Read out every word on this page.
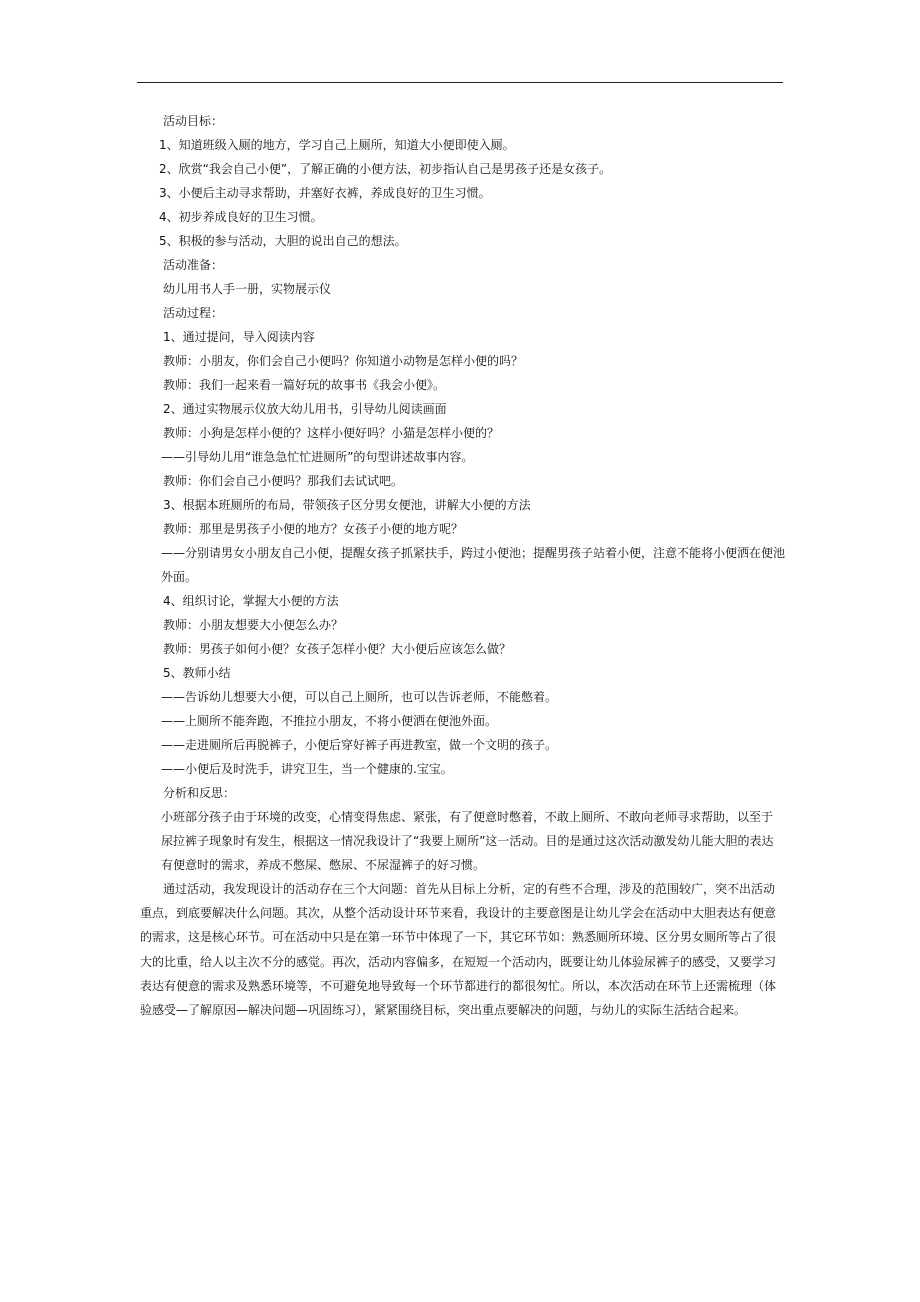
活动目标：
1、知道班级入厕的地方，学习自己上厕所，知道大小便即使入厕。
2、欣赏“我会自己小便”，了解正确的小便方法，初步指认自己是男孩子还是女孩子。
3、小便后主动寻求帮助，并塞好衣裤，养成良好的卫生习惯。
4、初步养成良好的卫生习惯。
5、积极的参与活动，大胆的说出自己的想法。
活动准备：
幼儿用书人手一册，实物展示仪
活动过程：
1、通过提问，导入阅读内容
教师：小朋友，你们会自己小便吗？你知道小动物是怎样小便的吗？
教师：我们一起来看一篇好玩的故事书《我会小便》。
2、通过实物展示仪放大幼儿用书，引导幼儿阅读画面
教师：小狗是怎样小便的？这样小便好吗？小猫是怎样小便的？
——引导幼儿用“谁急急忙忙进厕所”的句型讲述故事内容。
教师：你们会自己小便吗？那我们去试试吧。
3、根据本班厕所的布局，带领孩子区分男女便池，讲解大小便的方法
教师：那里是男孩子小便的地方？女孩子小便的地方呢？
——分别请男女小朋友自己小便，提醒女孩子抓紧扶手，跨过小便池；提醒男孩子站着小便，注意不能将小便洒在便池外面。
4、组织讨论，掌握大小便的方法
教师：小朋友想要大小便怎么办？
教师：男孩子如何小便？女孩子怎样小便？大小便后应该怎么做？
5、教师小结
——告诉幼儿想要大小便，可以自己上厕所，也可以告诉老师，不能憋着。
——上厕所不能奔跑，不推拉小朋友，不将小便洒在便池外面。
——走进厕所后再脱裤子，小便后穿好裤子再进教室，做一个文明的孩子。
——小便后及时洗手，讲究卫生，当一个健康的.宝宝。
分析和反思：
小班部分孩子由于环境的改变，心情变得焦虑、紧张，有了便意时憋着，不敢上厕所、不敢向老师寻求帮助，以至于尿拉裤子现象时有发生，根据这一情况我设计了“我要上厕所”这一活动。目的是通过这次活动激发幼儿能大胆的表达有便意时的需求，养成不憋屎、憋尿、不尿湿裤子的好习惯。
通过活动，我发现设计的活动存在三个大问题：首先从目标上分析，定的有些不合理，涉及的范围较广，突不出活动重点，到底要解决什么问题。其次，从整个活动设计环节来看，我设计的主要意图是让幼儿学会在活动中大胆表达有便意的需求，这是核心环节。可在活动中只是在第一环节中体现了一下，其它环节如：熟悉厕所环境、区分男女厕所等占了很大的比重，给人以主次不分的感觉。再次，活动内容偏多，在短短一个活动内，既要让幼儿体验尿裤子的感受，又要学习表达有便意的需求及熟悉环境等，不可避免地导致每一个环节都进行的都很匆忙。所以，本次活动在环节上还需梳理（体验感受—了解原因—解决问题—巩固练习），紧紧围绕目标，突出重点要解决的问题，与幼儿的实际生活结合起来。
